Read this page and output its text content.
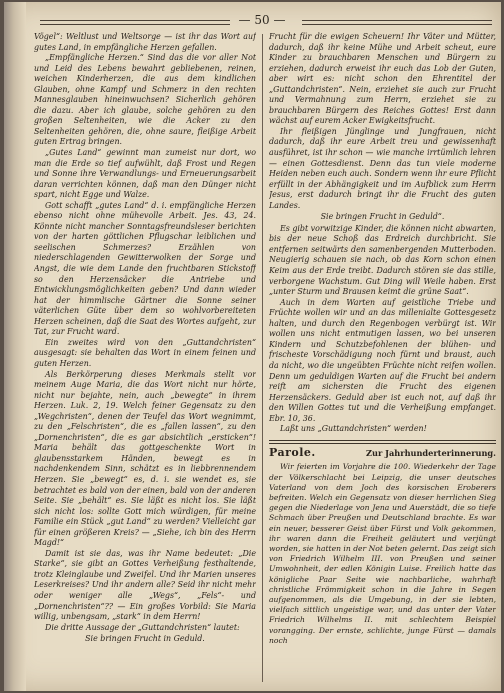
— 50 —

Vögel“: Weltlust und Weltsorge — ist ihr das Wort auf gutes Land, in empfängliche Herzen gefallen.

„Empfängliche Herzen.“ Sind das die vor aller Not und Leid des Lebens bewahrt gebliebenen, reinen, weichen Kinderherzen, die aus dem kindlichen Glauben, ohne Kampf und Schmerz in den rechten Mannesglauben hineinwuchsen? Sicherlich gehören die dazu. Aber ich glaube, solche gehören zu den großen Seltenheiten, wie die Acker zu den Seltenheiten gehören, die, ohne saure, fleißige Arbeit guten Ertrag bringen.

„Gutes Land“ gewinnt man zumeist nur dort, wo man die Erde so tief aufwühlt, daß Frost und Regen und Sonne ihre Verwandlungs- und Erneuerungsarbeit daran verrichten können, daß man den Dünger nicht spart, nicht Egge und Walze.

Gott schafft „gutes Land“ d. i. empfängliche Herzen ebenso nicht ohne mühevolle Arbeit. Jes. 43, 24. Könnte nicht mancher Sonntagsfreundsleser berichten von der harten göttlichen Pflugschar leiblichen und seelischen Schmerzes? Erzählen von niederschlagenden Gewitterwolken der Sorge und Angst, die wie dem Lande den fruchtbaren Stickstoff so den Herzensäcker die Antriebe und Entwicklungsmöglichkeiten geben? Und dann wieder hat der himmlische Gärtner die Sonne seiner väterlichen Güte über dem so wohlvorbereiteten Herzen scheinen, daß die Saat des Wortes aufgeht, zur Tat, zur Frucht ward.

Ein zweites wird von den „Guttandchristen“ ausgesagt: sie behalten das Wort in einem feinen und guten Herzen.

Als Berkörperung dieses Merkmals stellt vor meinem Auge Maria, die das Wort nicht nur hörte, nicht nur bejahte, nein, auch „bewegte“ in ihrem Herzen. Luk. 2, 19. Welch feiner Gegensatz zu den „Wegchristen“, denen der Teufel das Wort wegnimmt, zu den „Felschristen“, die es „fallen lassen“, zu den „Dornenchristen“, die es gar absichtlich „ersticken“! Maria behält das gottgeschenkte Wort in glaubensstarkem Händen, bewegt es in nachdenkendem Sinn, schätzt es in liebbrennendem Herzen. Sie „bewegt“ es, d. i. sie wendet es, sie betrachtet es bald von der einen, bald von der anderen Seite. Sie „behält“ es. Sie läßt es nicht los. Sie läßt sich nicht los: sollte Gott mich würdigen, für meine Familie ein Stück „gut Land“ zu werden? Vielleicht gar für einen größeren Kreis? — „Siehe, ich bin des Herrn Magd!“

Damit ist sie das, was ihr Name bedeutet: „Die Starke“, sie gibt an Gottes Verheißung festhaltende, trotz Kleinglaube und Zweifel. Und ihr Marien unseres Leserkreises? Und ihr andern alle? Seid ihr nicht mehr oder weniger alle „Wegs“, „Fels“- und „Dornenchristen“?? — Ein großes Vorbild: Sie Maria willig, unbengsam, „stark“ in dem Herrn!

Die dritte Aussage der „Guttandchristen“ lautet:

Sie bringen Frucht in Geduld.

Frucht für die ewigen Scheuern! Ihr Väter und Mütter, dadurch, daß ihr keine Mühe und Arbeit scheut, eure Kinder zu brauchbaren Menschen und Bürgern zu erziehen, dadurch erweist ihr euch das Lob der Guten, aber wirt es: nicht schon den Ehrentitel der „Guttandchristen“. Nein, erziehet sie auch zur Frucht und Vermahnung zum Herrn, erziehet sie zu brauchbaren Bürgern des Reiches Gottes! Erst dann wächst auf eurem Acker Ewigkeitsfrucht.

Ihr fleißigen Jünglinge und Jungfrauen, nicht dadurch, daß ihr eure Arbeit treu und gewissenhaft ausführet, ist ihr schon — wie manche irrtümlich lehren — einen Gottesdienst. Denn das tun viele moderne Heiden neben euch auch. Sondern wenn ihr eure Pflicht erfüllt in der Abhängigkeit und im Aufblick zum Herrn Jesus, erst dadurch bringt ihr die Frucht des guten Landes.

Sie bringen Frucht in Geduld“.

Es gibt vorwitzige Kinder, die können nicht abwarten, bis der neue Schoß das Erdreich durchbricht. Sie entfernen seitwärts den samenbergenden Mutterboden. Neugierig schauen sie nach, ob das Korn schon einen Keim aus der Erde treibt. Dadurch stören sie das stille, verborgene Wachstum. Gut Ding will Weile haben. Erst „unter Sturm und Brausen keimt die grüne Saat“.

Auch in dem Warten auf geistliche Triebe und Früchte wollen wir und an das millenialte Gottesgesetz halten, und durch den Regenbogen verbürgt ist. Wir wollen uns nicht entmutigen lassen, wo bei unseren Kindern und Schutzbefohlenen der blühen- und frischeste Vorschädigung noch fürnt und braust, auch da nicht, wo die ungeübten Früchte nicht reifen wollen. Denn um geduldigen Warten auf die Frucht bei andern reift am sichersten die Frucht des eigenen Herzensäckers. Geduld aber ist euch not, auf daß ihr den Willen Gottes tut und die Verheißung empfanget. Ebr. 10, 36.

Laßt uns „Guttandchristen“ werden!

Parole.	Zur Jahrhunderterinnerung.

Wir feierten im Vorjahre die 100. Wiederkehr der Tage der Völkerschlacht bei Leipzig, die unser deutsches Vaterland von dem Joch des korsischen Eroberers befreiten. Welch ein Gegensatz von dieser herrlichen Sieg gegen die Niederlage von Jena und Auerstädt, die so tiefe Schmach über Preußen und Deutschland brachte. Es war ein neuer, besserer Geist über Fürst und Volk gekommen, ihr waren dann die Freiheit geläutert und verjüngt worden, sie hatten in der Not beten gelernt. Das zeigt sich von Friedrich Wilhelm III. von Preußen und seiner Umwohnheit, der edlen Königin Luise. Freilich hatte das königliche Paar Seite wie nachbarliche, wahrhaft christliche Frömmigkeit schon in die Jahre in Segen aufgenommen, als die Umgebung, in der sie lebten, vielfach sittlich ungeistige war, und das unter der Vater Friedrich Wilhelms II. mit schlechtem Beispiel vorangging. Der ernste, schlichte, junge Fürst — damals noch
